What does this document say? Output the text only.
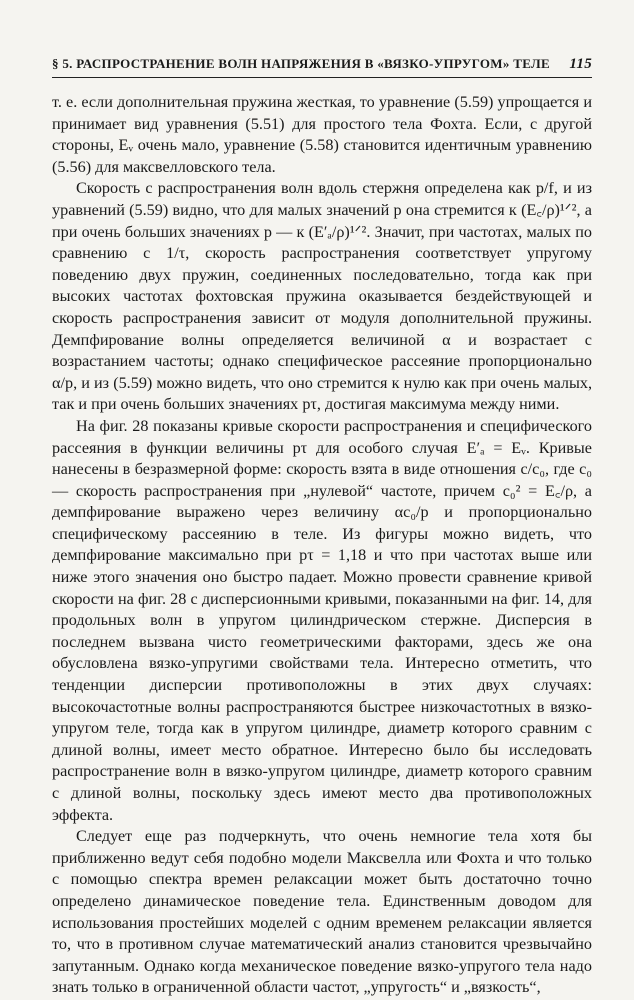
§ 5. РАСПРОСТРАНЕНИЕ ВОЛН НАПРЯЖЕНИЯ В «ВЯЗКО-УПРУГОМ» ТЕЛЕ 115

т. е. если дополнительная пружина жесткая, то уравнение (5.59) упрощается и принимает вид уравнения (5.51) для простого тела Фохта. Если, с другой стороны, Eᵥ очень мало, уравнение (5.58) становится идентичным уравнению (5.56) для максвелловского тела.

Скорость c распространения волн вдоль стержня определена как p/f, и из уравнений (5.59) видно, что для малых значений p она стремится к (E꜀/ρ)¹ᐟ², а при очень больших значениях p — к (E′ₐ/ρ)¹ᐟ². Значит, при частотах, малых по сравнению с 1/τ, скорость распространения соответствует упругому поведению двух пружин, соединенных последовательно, тогда как при высоких частотах фохтовская пружина оказывается бездействующей и скорость распространения зависит от модуля дополнительной пружины. Демпфирование волны определяется величиной α и возрастает с возрастанием частоты; однако специфическое рассеяние пропорционально α/p, и из (5.59) можно видеть, что оно стремится к нулю как при очень малых, так и при очень больших значениях pτ, достигая максимума между ними.

На фиг. 28 показаны кривые скорости распространения и специфического рассеяния в функции величины pτ для особого случая E′ₐ = Eᵥ. Кривые нанесены в безразмерной форме: скорость взята в виде отношения c/c₀, где c₀ — скорость распространения при „нулевой“ частоте, причем c₀² = E꜀/ρ, а демпфирование выражено через величину αc₀/p и пропорционально специфическому рассеянию в теле. Из фигуры можно видеть, что демпфирование максимально при pτ = 1,18 и что при частотах выше или ниже этого значения оно быстро падает. Можно провести сравнение кривой скорости на фиг. 28 с дисперсионными кривыми, показанными на фиг. 14, для продольных волн в упругом цилиндрическом стержне. Дисперсия в последнем вызвана чисто геометрическими факторами, здесь же она обусловлена вязко-упругими свойствами тела. Интересно отметить, что тенденции дисперсии противоположны в этих двух случаях: высокочастотные волны распространяются быстрее низкочастотных в вязко-упругом теле, тогда как в упругом цилиндре, диаметр которого сравним с длиной волны, имеет место обратное. Интересно было бы исследовать распространение волн в вязко-упругом цилиндре, диаметр которого сравним с длиной волны, поскольку здесь имеют место два противоположных эффекта.

Следует еще раз подчеркнуть, что очень немногие тела хотя бы приближенно ведут себя подобно модели Максвелла или Фохта и что только с помощью спектра времен релаксации может быть достаточно точно определено динамическое поведение тела. Единственным доводом для использования простейших моделей с одним временем релаксации является то, что в противном случае математический анализ становится чрезвычайно запутанным. Однако когда механическое поведение вязко-упругого тела надо знать только в ограниченной области частот, „упругость“ и „вязкость“,
